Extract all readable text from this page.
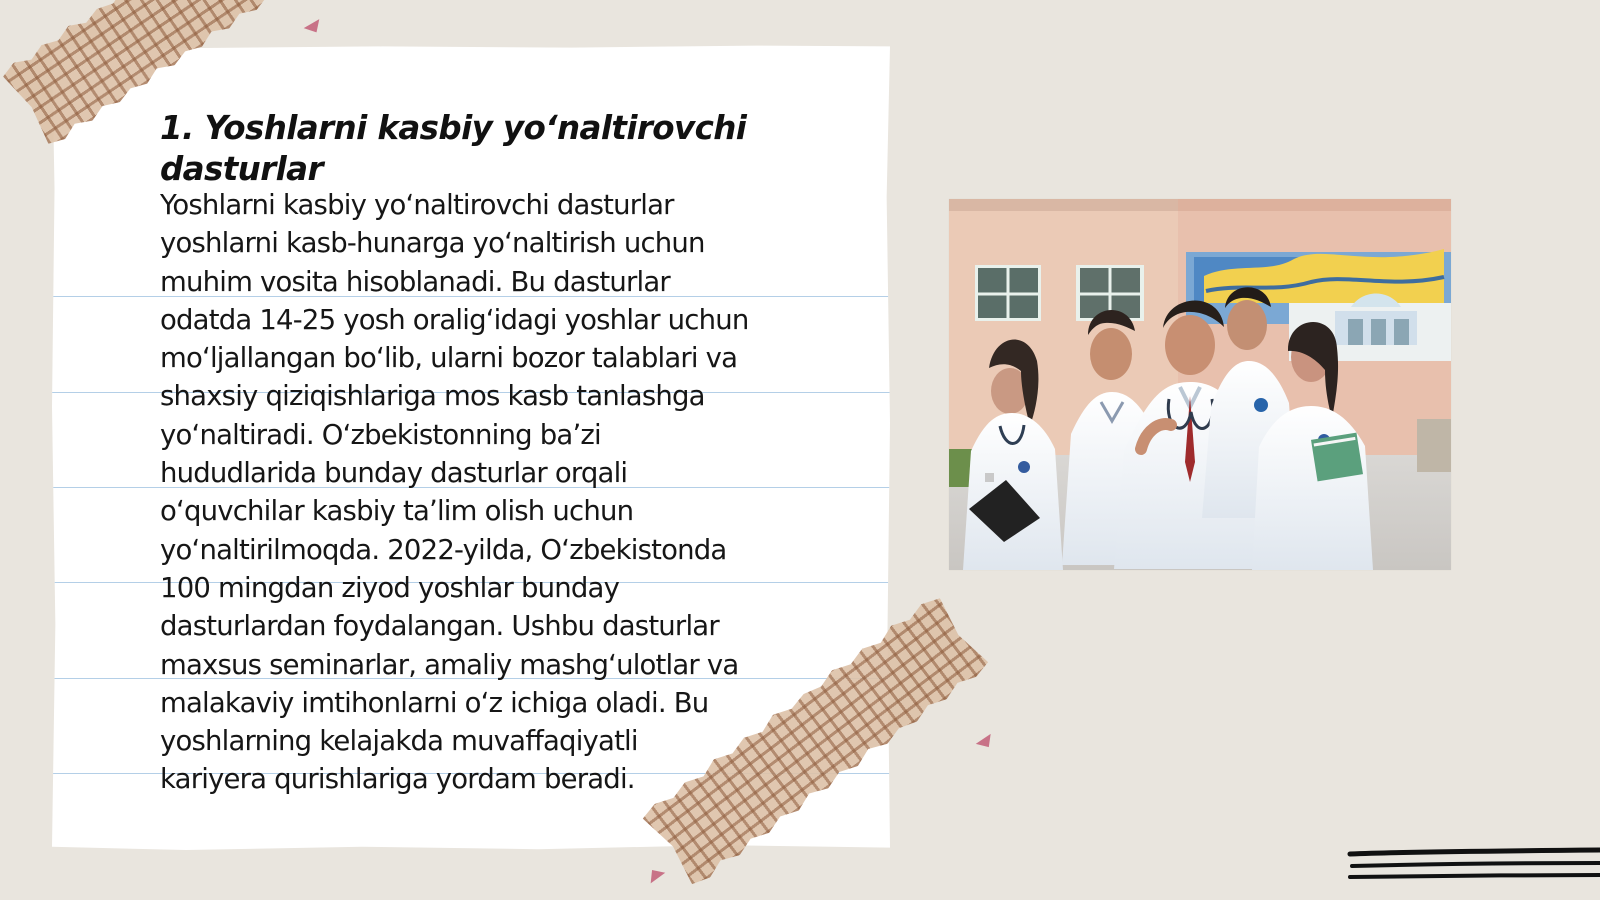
1. Yoshlarni kasbiy yoʻnaltirovchi dasturlar

Yoshlarni kasbiy yoʻnaltirovchi dasturlar
yoshlarni kasb-hunarga yoʻnaltirish uchun
muhim vosita hisoblanadi. Bu dasturlar
odatda 14-25 yosh oraligʻidagi yoshlar uchun
moʻljallangan boʻlib, ularni bozor talablari va
shaxsiy qiziqishlariga mos kasb tanlashga
yoʻnaltiradi. Oʻzbekistonning baʼzi
hududlarida bunday dasturlar orqali
oʻquvchilar kasbiy taʼlim olish uchun
yoʻnaltirilmoqda. 2022-yilda, Oʻzbekistonda
100 mingdan ziyod yoshlar bunday
dasturlardan foydalangan. Ushbu dasturlar
maxsus seminarlar, amaliy mashgʻulotlar va
malakaviy imtihonlarni oʻz ichiga oladi. Bu
yoshlarning kelajakda muvaffaqiyatli
kariyera qurishlariga yordam beradi.
